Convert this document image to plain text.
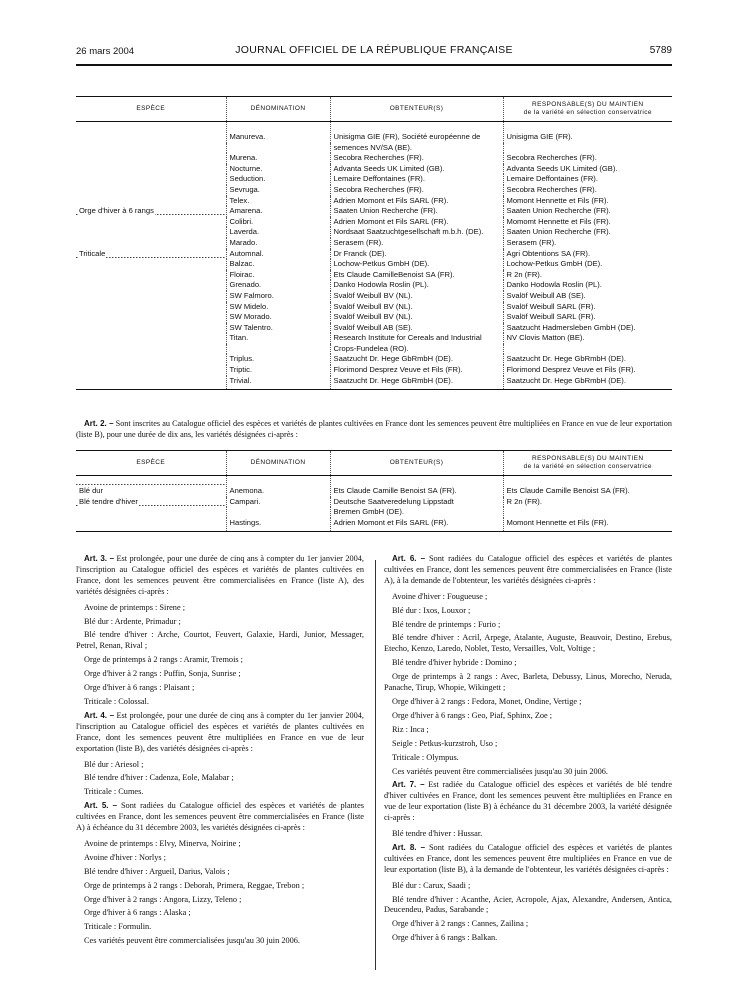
26 mars 2004	JOURNAL OFFICIEL DE LA RÉPUBLIQUE FRANÇAISE	5789
ESPÈCE	DÉNOMINATION	OBTENTEUR(S)	RESPONSABLE(S) DU MAINTIEN
de la variété en sélection conservatrice

	Manureva.	Unisigma GIE (FR), Société européenne de	Unisigma GIE (FR).
		semences NV/SA (BE).	
	Murena.	Secobra Recherches (FR).	Secobra Recherches (FR).
	Nocturne.	Advanta Seeds UK Limited (GB).	Advanta Seeds UK Limited (GB).
	Seduction.	Lemaire Deffontaines (FR).	Lemaire Deffontaines (FR).
	Sevruga.	Secobra Recherches (FR).	Secobra Recherches (FR).
	Telex.	Adrien Momont et Fils SARL (FR).	Momont Hennette et Fils (FR).
Orge d'hiver à 6 rangs	Amarena.	Saaten Union Recherche (FR).	Saaten Union Recherche (FR).
	Colibri.	Adrien Momont et Fils SARL (FR).	Momomt Hennette et Fils (FR).
	Laverda.	Nordsaat Saatzuchtgesellschaft m.b.h. (DE).	Saaten Union Recherche (FR).
	Marado.	Serasem (FR).	Serasem (FR).
Triticale	Automnal.	Dr Franck (DE).	Agri Obtentions SA (FR).
	Balzac.	Lochow-Petkus GmbH (DE).	Lochow-Petkus GmbH (DE).
	Floirac.	Ets Claude CamilleBenoist SA (FR).	R 2n (FR).
	Grenado.	Danko Hodowla Roslin (PL).	Danko Hodowla Roslin (PL).
	SW Falmoro.	Svalöf Weibull BV (NL).	Svalöf Weibull AB (SE).
	SW Midelo.	Svalöf Weibull BV (NL).	Svalöf Weibull SARL (FR).
	SW Morado.	Svalöf Weibull BV (NL).	Svalöf Weibull SARL (FR).
	SW Talentro.	Svalöf Weibull AB (SE).	Saatzucht Hadmersleben GmbH (DE).
	Titan.	Research Institute for Cereals and Industrial	NV Clovis Matton (BE).
		Crops-Fundelea (RO).	
	Triplus.	Saatzucht Dr. Hege GbRmbH (DE).	Saatzucht Dr. Hege GbRmbH (DE).
	Triptic.	Florimond Desprez Veuve et Fils (FR).	Florimond Desprez Veuve et Fils (FR).
	Trivial.	Saatzucht Dr. Hege GbRmbH (DE).	Saatzucht Dr. Hege GbRmbH (DE).
Art. 2. – Sont inscrites au Catalogue officiel des espèces et variétés de plantes cultivées en France dont les semences peuvent être multipliées en France en vue de leur exportation (liste B), pour une durée de dix ans, les variétés désignées ci-après :
ESPÈCE	DÉNOMINATION	OBTENTEUR(S)	RESPONSABLE(S) DU MAINTIEN
de la variété en sélection conservatrice

Blé dur	Anemona.	Ets Claude Camille Benoist SA (FR).	Ets Claude Camille Benoist SA (FR).
Blé tendre d'hiver	Campari.	Deutsche Saatveredelung Lippstadt	R 2n (FR).
		Bremen GmbH (DE).	
	Hastings.	Adrien Momont et Fils SARL (FR).	Momont Hennette et Fils (FR).
Art. 3. – Est prolongée, pour une durée de cinq ans à compter du 1er janvier 2004, l'inscription au Catalogue officiel des espèces et variétés de plantes cultivées en France, dont les semences peuvent être commercialisées en France (liste A), des variétés désignées ci-après :
Avoine de printemps : Sirene ;
Blé dur : Ardente, Primadur ;
Blé tendre d'hiver : Arche, Courtot, Feuvert, Galaxie, Hardi, Junior, Messager, Petrel, Renan, Rival ;
Orge de printemps à 2 rangs : Aramir, Tremois ;
Orge d'hiver à 2 rangs : Puffin, Sonja, Sunrise ;
Orge d'hiver à 6 rangs : Plaisant ;
Triticale : Colossal.
Art. 4. – Est prolongée, pour une durée de cinq ans à compter du 1er janvier 2004, l'inscription au Catalogue officiel des espèces et variétés de plantes cultivées en France, dont les semences peuvent être multipliées en France en vue de leur exportation (liste B), des variétés désignées ci-après :
Blé dur : Ariesol ;
Blé tendre d'hiver : Cadenza, Eole, Malabar ;
Triticale : Cumes.
Art. 5. – Sont radiées du Catalogue officiel des espèces et variétés de plantes cultivées en France, dont les semences peuvent être commercialisées en France (liste A) à échéance du 31 décembre 2003, les variétés désignées ci-après :
Avoine de printemps : Elvy, Minerva, Noirine ;
Avoine d'hiver : Norlys ;
Blé tendre d'hiver : Argueil, Darius, Valois ;
Orge de printemps à 2 rangs : Deborah, Primera, Reggae, Trebon ;
Orge d'hiver à 2 rangs : Angora, Lizzy, Teleno ;
Orge d'hiver à 6 rangs : Alaska ;
Triticale : Formulin.
Ces variétés peuvent être commercialisées jusqu'au 30 juin 2006.
Art. 6. – Sont radiées du Catalogue officiel des espèces et variétés de plantes cultivées en France, dont les semences peuvent être commercialisées en France (liste A), à la demande de l'obtenteur, les variétés désignées ci-après :
Avoine d'hiver : Fougueuse ;
Blé dur : Ixos, Louxor ;
Blé tendre de printemps : Furio ;
Blé tendre d'hiver : Acril, Arpege, Atalante, Auguste, Beauvoir, Destino, Erebus, Etecho, Kenzo, Laredo, Noblet, Testo, Versailles, Volt, Voltige ;
Blé tendre d'hiver hybride : Domino ;
Orge de printemps à 2 rangs : Avec, Barleta, Debussy, Linus, Morecho, Neruda, Panache, Tirup, Whopie, Wikingett ;
Orge d'hiver à 2 rangs : Fedora, Monet, Ondine, Vertige ;
Orge d'hiver à 6 rangs : Geo, Piaf, Sphinx, Zoe ;
Riz : Inca ;
Seigle : Petkus-kurzstroh, Uso ;
Triticale : Olympus.
Ces variétés peuvent être commercialisées jusqu'au 30 juin 2006.
Art. 7. – Est radiée du Catalogue officiel des espèces et variétés de blé tendre d'hiver cultivées en France, dont les semences peuvent être multipliées en France en vue de leur exportation (liste B) à échéance du 31 décembre 2003, la variété désignée ci-après :
Blé tendre d'hiver : Hussar.
Art. 8. – Sont radiées du Catalogue officiel des espèces et variétés de plantes cultivées en France, dont les semences peuvent être multipliées en France en vue de leur exportation (liste B), à la demande de l'obtenteur, les variétés désignées ci-après :
Blé dur : Carux, Saadi ;
Blé tendre d'hiver : Acanthe, Acier, Acropole, Ajax, Alexandre, Andersen, Antica, Deucendeu, Padus, Sarabande ;
Orge d'hiver à 2 rangs : Cannes, Zailina ;
Orge d'hiver à 6 rangs : Balkan.
